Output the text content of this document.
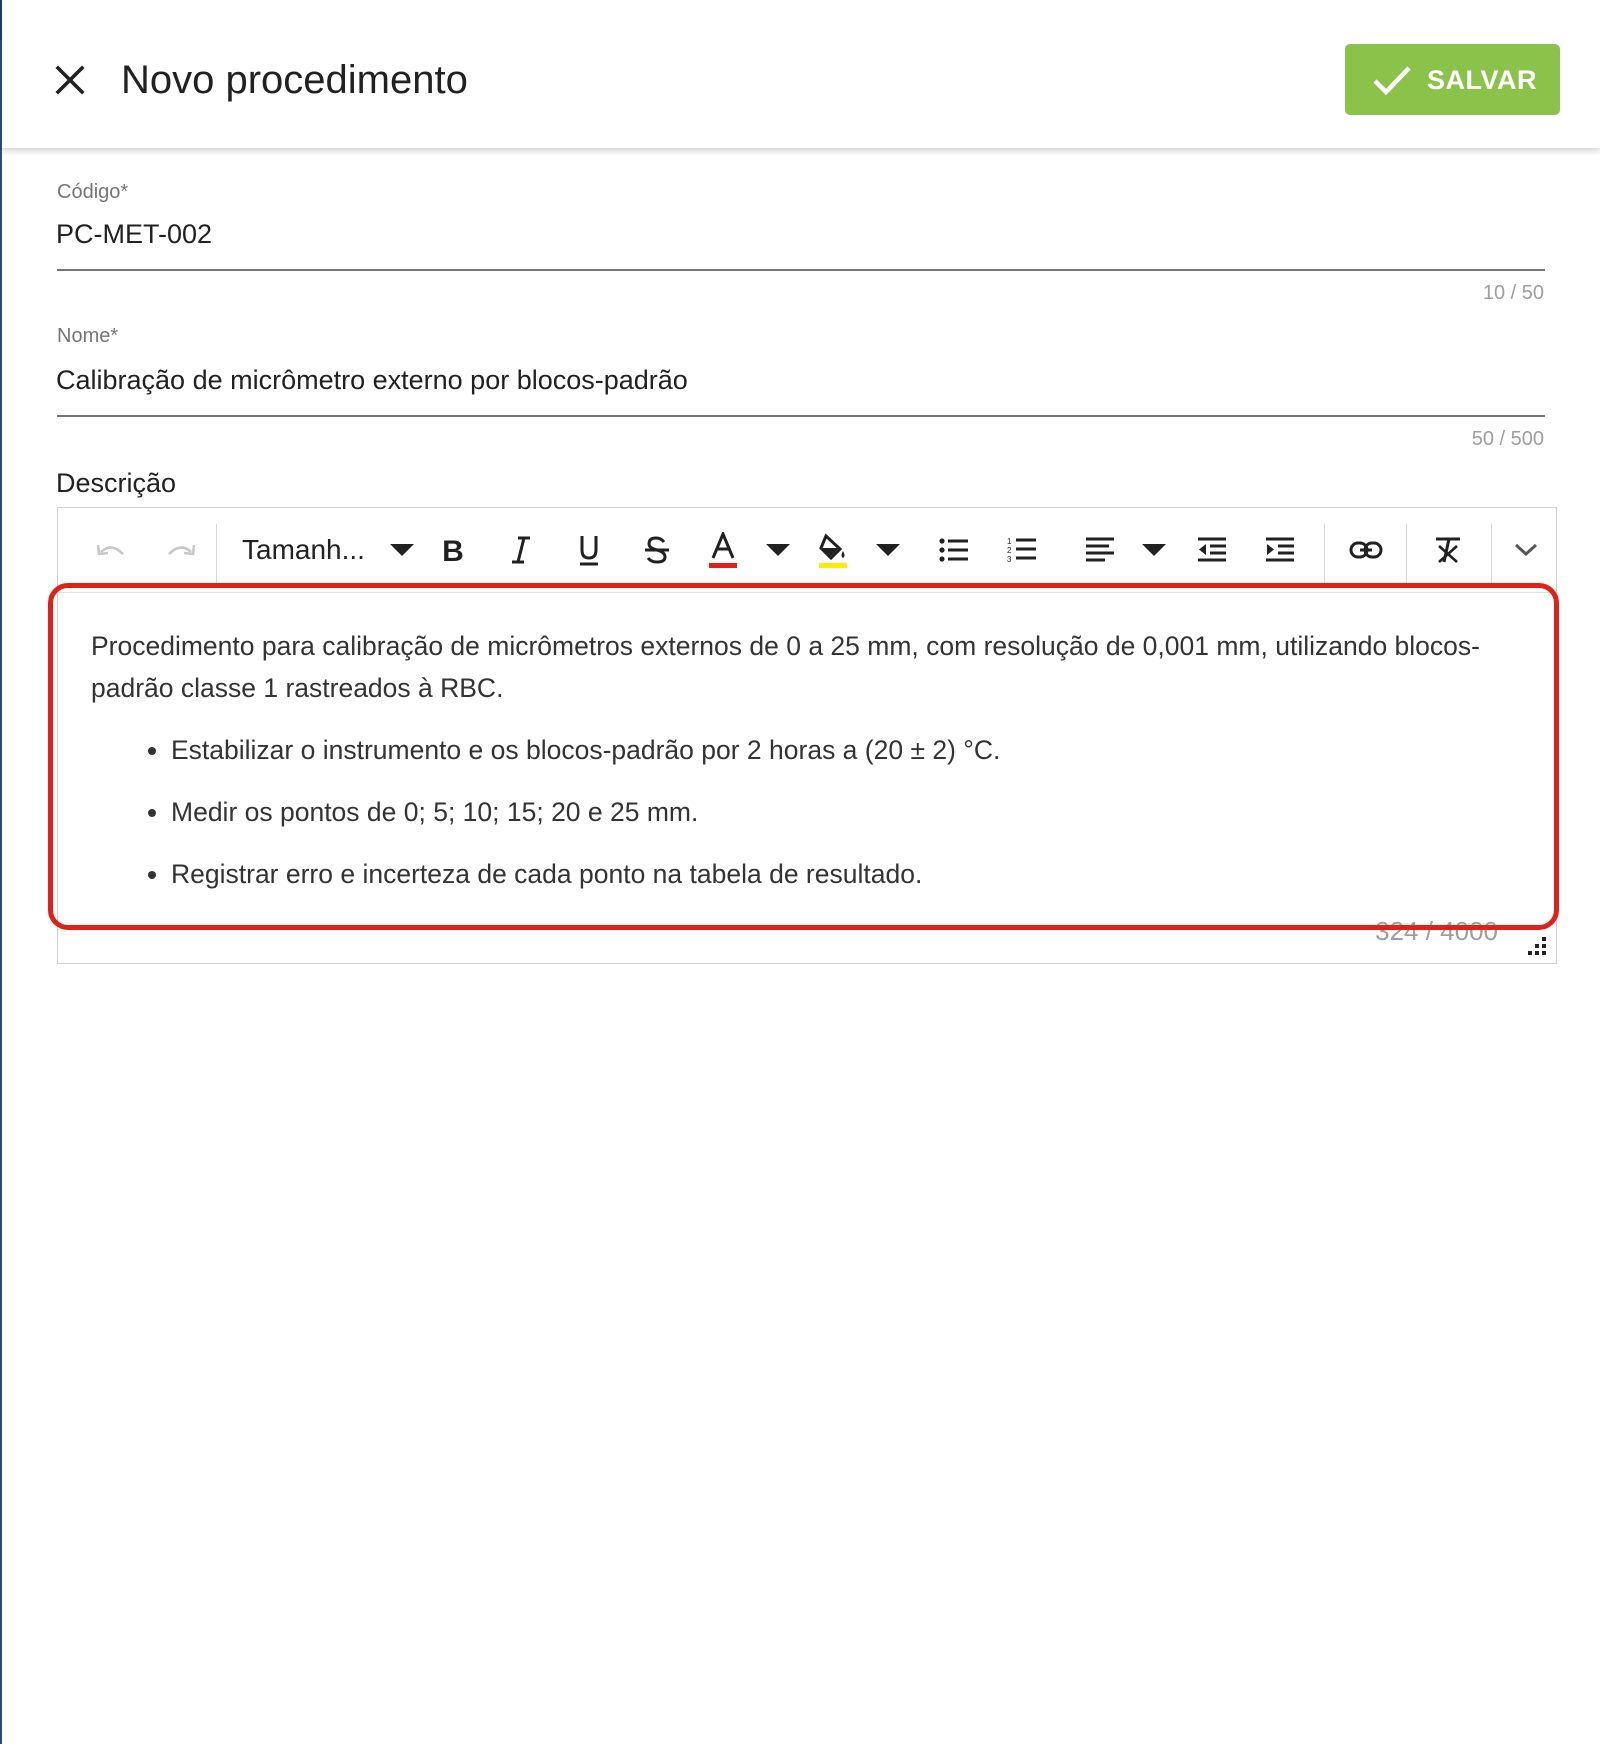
Novo procedimento	SALVAR
Código*
PC-MET-002
10 / 50
Nome*
Calibração de micrômetro externo por blocos-padrão
50 / 500
Descrição
Tamanh...	B	1
2
3

Procedimento para calibração de micrômetros externos de 0 a 25 mm, com resolução de 0,001 mm, utilizando blocos-padrão classe 1 rastreados à RBC.

• Estabilizar o instrumento e os blocos-padrão por 2 horas a (20 ± 2) °C.
• Medir os pontos de 0; 5; 10; 15; 20 e 25 mm.
• Registrar erro e incerteza de cada ponto na tabela de resultado.
324 / 4000
